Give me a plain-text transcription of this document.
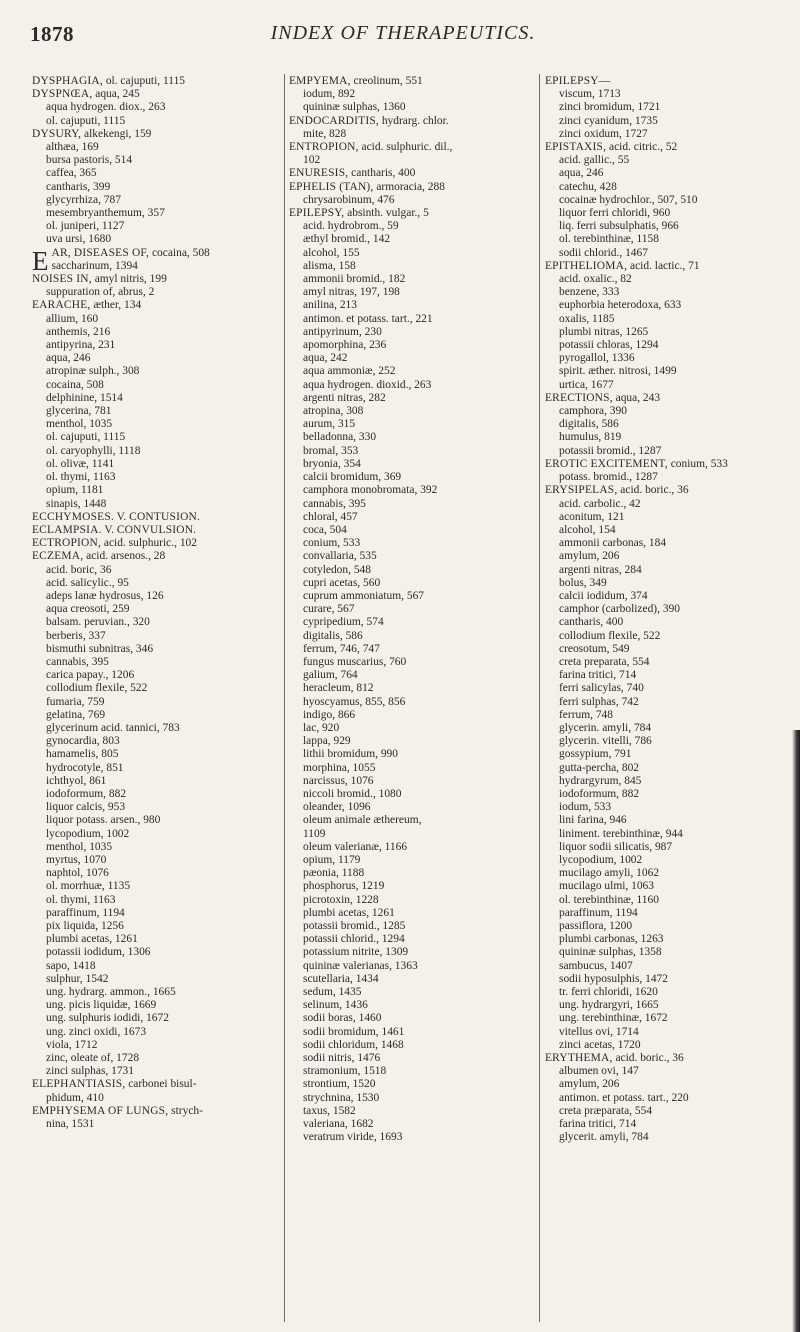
1878	INDEX OF THERAPEUTICS.
DYSPHAGIA, ol. cajuputi, 1115
DYSPNŒA, aqua, 245
aqua hydrogen. diox., 263
ol. cajuputi, 1115
DYSURY, alkekengi, 159
althæa, 169
bursa pastoris, 514
caffea, 365
cantharis, 399
glycyrrhiza, 787
mesembryanthemum, 357
ol. juniperi, 1127
uva ursi, 1680
EAR, DISEASES OF, cocaina, 508
saccharinum, 1394
NOISES IN, amyl nitris, 199
suppuration of, abrus, 2
EARACHE, æther, 134
allium, 160
anthemis, 216
antipyrina, 231
aqua, 246
atropinæ sulph., 308
cocaina, 508
delphinine, 1514
glycerina, 781
menthol, 1035
ol. cajuputi, 1115
ol. caryophylli, 1118
ol. olivæ, 1141
ol. thymi, 1163
opium, 1181
sinapis, 1448
ECCHYMOSES. V. CONTUSION.
ECLAMPSIA. V. CONVULSION.
ECTROPION, acid. sulphuric., 102
ECZEMA, acid. arsenos., 28
acid. boric, 36
acid. salicylic., 95
adeps lanæ hydrosus, 126
aqua creosoti, 259
balsam. peruvian., 320
berberis, 337
bismuthi subnitras, 346
cannabis, 395
carica papay., 1206
collodium flexile, 522
fumaria, 759
gelatina, 769
glycerinum acid. tannici, 783
gynocardia, 803
hamamelis, 805
hydrocotyle, 851
ichthyol, 861
iodoformum, 882
liquor calcis, 953
liquor potass. arsen., 980
lycopodium, 1002
menthol, 1035
myrtus, 1070
naphtol, 1076
ol. morrhuæ, 1135
ol. thymi, 1163
paraffinum, 1194
pix liquida, 1256
plumbi acetas, 1261
potassii iodidum, 1306
sapo, 1418
sulphur, 1542
ung. hydrarg. ammon., 1665
ung. picis liquidæ, 1669
ung. sulphuris iodidi, 1672
ung. zinci oxidi, 1673
viola, 1712
zinc, oleate of, 1728
zinci sulphas, 1731
ELEPHANTIASIS, carbonei bisul-
phidum, 410
EMPHYSEMA OF LUNGS, strych-
nina, 1531
EMPYEMA, creolinum, 551
iodum, 892
quininæ sulphas, 1360
ENDOCARDITIS, hydrarg. chlor.
mite, 828
ENTROPION, acid. sulphuric. dil.,
102
ENURESIS, cantharis, 400
EPHELIS (TAN), armoracia, 288
chrysarobinum, 476
EPILEPSY, absinth. vulgar., 5
acid. hydrobrom., 59
æthyl bromid., 142
alcohol, 155
alisma, 158
ammonii bromid., 182
amyl nitras, 197, 198
anilina, 213
antimon. et potass. tart., 221
antipyrinum, 230
apomorphina, 236
aqua, 242
aqua ammoniæ, 252
aqua hydrogen. dioxid., 263
argenti nitras, 282
atropina, 308
aurum, 315
belladonna, 330
bromal, 353
bryonia, 354
calcii bromidum, 369
camphora monobromata, 392
cannabis, 395
chloral, 457
coca, 504
conium, 533
convallaria, 535
cotyledon, 548
cupri acetas, 560
cuprum ammoniatum, 567
curare, 567
cypripedium, 574
digitalis, 586
ferrum, 746, 747
fungus muscarius, 760
galium, 764
heracleum, 812
hyoscyamus, 855, 856
indigo, 866
lac, 920
lappa, 929
lithii bromidum, 990
morphina, 1055
narcissus, 1076
niccoli bromid., 1080
oleander, 1096
oleum animale æthereum,
1109
oleum valerianæ, 1166
opium, 1179
pæonia, 1188
phosphorus, 1219
picrotoxin, 1228
plumbi acetas, 1261
potassii bromid., 1285
potassii chlorid., 1294
potassium nitrite, 1309
quininæ valerianas, 1363
scutellaria, 1434
sedum, 1435
selinum, 1436
sodii boras, 1460
sodii bromidum, 1461
sodii chloridum, 1468
sodii nitris, 1476
stramonium, 1518
strontium, 1520
strychnina, 1530
taxus, 1582
valeriana, 1682
veratrum viride, 1693
EPILEPSY—
viscum, 1713
zinci bromidum, 1721
zinci cyanidum, 1735
zinci oxidum, 1727
EPISTAXIS, acid. citric., 52
acid. gallic., 55
aqua, 246
catechu, 428
cocainæ hydrochlor., 507, 510
liquor ferri chloridi, 960
liq. ferri subsulphatis, 966
ol. terebinthinæ, 1158
sodii chlorid., 1467
EPITHELIOMA, acid. lactic., 71
acid. oxalic., 82
benzene, 333
euphorbia heterodoxa, 633
oxalis, 1185
plumbi nitras, 1265
potassii chloras, 1294
pyrogallol, 1336
spirit. æther. nitrosi, 1499
urtica, 1677
ERECTIONS, aqua, 243
camphora, 390
digitalis, 586
humulus, 819
potassii bromid., 1287
EROTIC EXCITEMENT, conium, 533
potass. bromid., 1287
ERYSIPELAS, acid. boric., 36
acid. carbolic., 42
aconitum, 121
alcohol, 154
ammonii carbonas, 184
amylum, 206
argenti nitras, 284
bolus, 349
calcii iodidum, 374
camphor (carbolized), 390
cantharis, 400
collodium flexile, 522
creosotum, 549
creta preparata, 554
farina tritici, 714
ferri salicylas, 740
ferri sulphas, 742
ferrum, 748
glycerin. amyli, 784
glycerin. vitelli, 786
gossypium, 791
gutta-percha, 802
hydrargyrum, 845
iodoformum, 882
iodum, 533
lini farina, 946
liniment. terebinthinæ, 944
liquor sodii silicatis, 987
lycopodium, 1002
mucilago amyli, 1062
mucilago ulmi, 1063
ol. terebinthinæ, 1160
paraffinum, 1194
passiflora, 1200
plumbi carbonas, 1263
quininæ sulphas, 1358
sambucus, 1407
sodii hyposulphis, 1472
tr. ferri chloridi, 1620
ung. hydrargyri, 1665
ung. terebinthinæ, 1672
vitellus ovi, 1714
zinci acetas, 1720
ERYTHEMA, acid. boric., 36
albumen ovi, 147
amylum, 206
antimon. et potass. tart., 220
creta præparata, 554
farina tritici, 714
glycerit. amyli, 784
